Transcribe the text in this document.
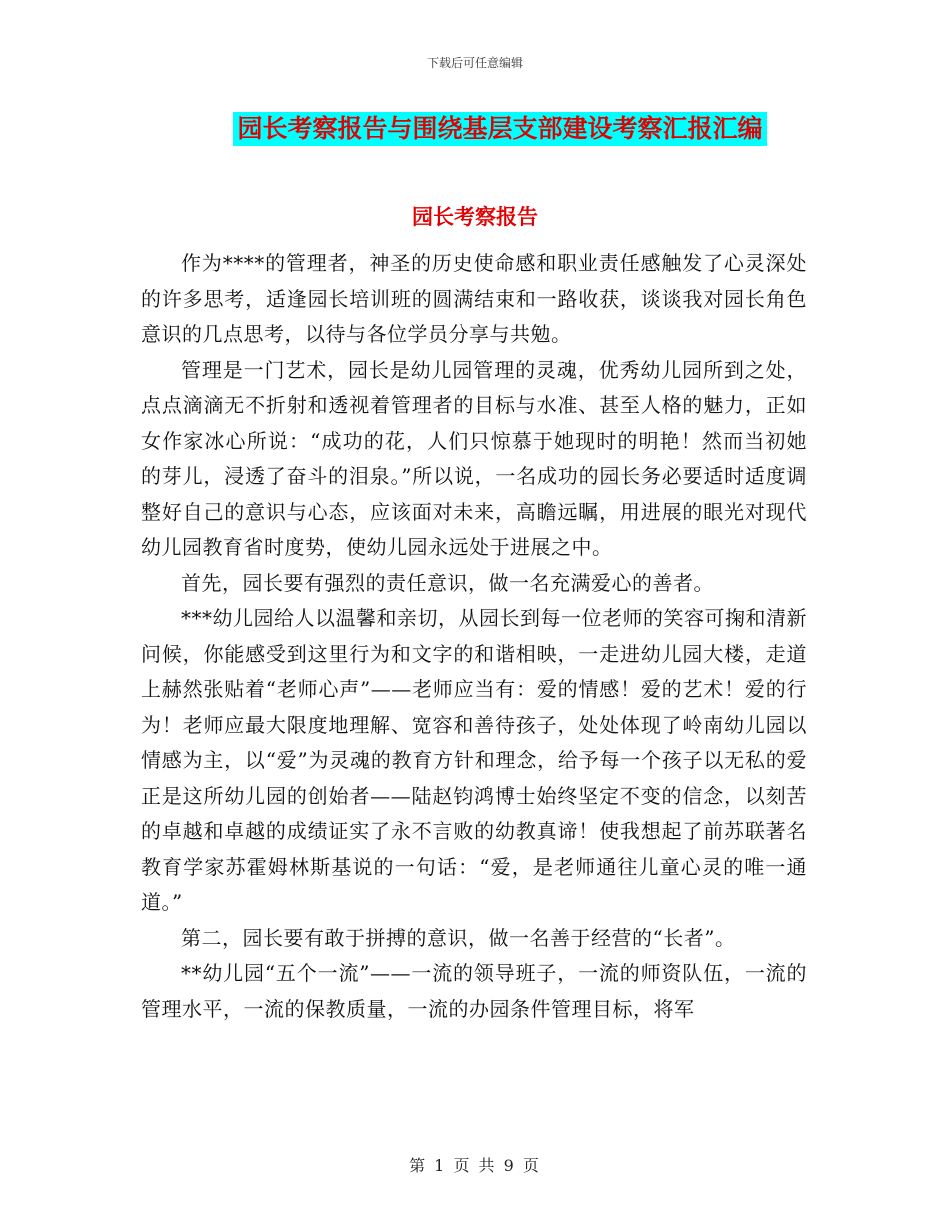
下载后可任意编辑
园长考察报告与围绕基层支部建设考察汇报汇编
园长考察报告

作为****的管理者，神圣的历史使命感和职业责任感触发了心灵深处的许多思考，适逢园长培训班的圆满结束和一路收获，谈谈我对园长角色意识的几点思考，以待与各位学员分享与共勉。

管理是一门艺术，园长是幼儿园管理的灵魂，优秀幼儿园所到之处，点点滴滴无不折射和透视着管理者的目标与水准、甚至人格的魅力，正如女作家冰心所说：“成功的花，人们只惊慕于她现时的明艳！然而当初她的芽儿，浸透了奋斗的泪泉。”所以说，一名成功的园长务必要适时适度调整好自己的意识与心态，应该面对未来，高瞻远瞩，用进展的眼光对现代幼儿园教育省时度势，使幼儿园永远处于进展之中。

首先，园长要有强烈的责任意识，做一名充满爱心的善者。

***幼儿园给人以温馨和亲切，从园长到每一位老师的笑容可掬和清新问候，你能感受到这里行为和文字的和谐相映，一走进幼儿园大楼，走道上赫然张贴着“老师心声”——老师应当有：爱的情感！爱的艺术！爱的行为！老师应最大限度地理解、宽容和善待孩子，处处体现了岭南幼儿园以情感为主，以“爱”为灵魂的教育方针和理念，给予每一个孩子以无私的爱正是这所幼儿园的创始者——陆赵钧鸿博士始终坚定不变的信念，以刻苦的卓越和卓越的成绩证实了永不言败的幼教真谛！使我想起了前苏联著名教育学家苏霍姆林斯基说的一句话：“爱，是老师通往儿童心灵的唯一通道。”

第二，园长要有敢于拼搏的意识，做一名善于经营的“长者”。

**幼儿园“五个一流”——一流的领导班子，一流的师资队伍，一流的管理水平，一流的保教质量，一流的办园条件管理目标，将军

第 1 页 共 9 页
